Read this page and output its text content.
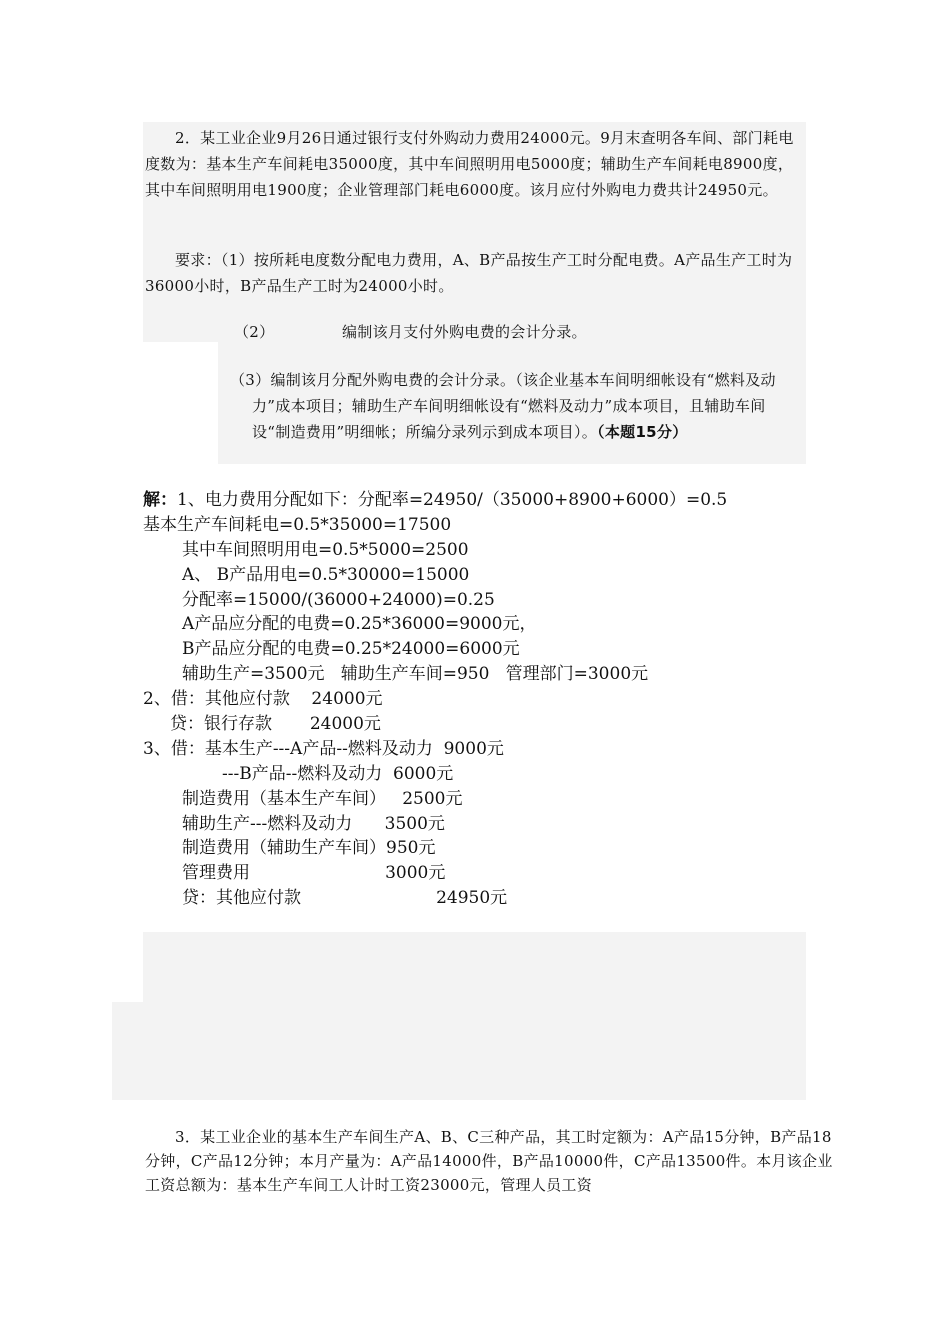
2．某工业企业9月26日通过银行支付外购动力费用24000元。9月末查明各车间、部门耗电度数为：基本生产车间耗电35000度，其中车间照明用电5000度；辅助生产车间耗电8900度，其中车间照明用电1900度；企业管理部门耗电6000度。该月应付外购电力费共计24950元。
要求：（1）按所耗电度数分配电力费用，A、B产品按生产工时分配电费。A产品生产工时为36000小时，B产品生产工时为24000小时。
（2）	编制该月支付外购电费的会计分录。
（3）编制该月分配外购电费的会计分录。（该企业基本车间明细帐设有“燃料及动力”成本项目；辅助生产车间明细帐设有“燃料及动力”成本项目，且辅助车间设“制造费用”明细帐；所编分录列示到成本项目）。（本题15分）
解：1、电力费用分配如下：分配率=24950/（35000+8900+6000）=0.5
基本生产车间耗电=0.5*35000=17500
其中车间照明用电=0.5*5000=2500
A、 B产品用电=0.5*30000=15000
分配率=15000/(36000+24000)=0.25
A产品应分配的电费=0.25*36000=9000元，
B产品应分配的电费=0.25*24000=6000元
辅助生产=3500元   辅助生产车间=950   管理部门=3000元
2、借：其他应付款    24000元
贷：银行存款       24000元
3、借：基本生产---A产品--燃料及动力  9000元
---B产品--燃料及动力  6000元
制造费用（基本生产车间）   2500元
辅助生产---燃料及动力      3500元
制造费用（辅助生产车间）950元
管理费用                         3000元
贷：其他应付款                         24950元
3．某工业企业的基本生产车间生产A、B、C三种产品，其工时定额为：A产品15分钟，B产品18分钟，C产品12分钟；本月产量为：A产品14000件，B产品10000件，C产品13500件。本月该企业工资总额为：基本生产车间工人计时工资23000元，管理人员工资
